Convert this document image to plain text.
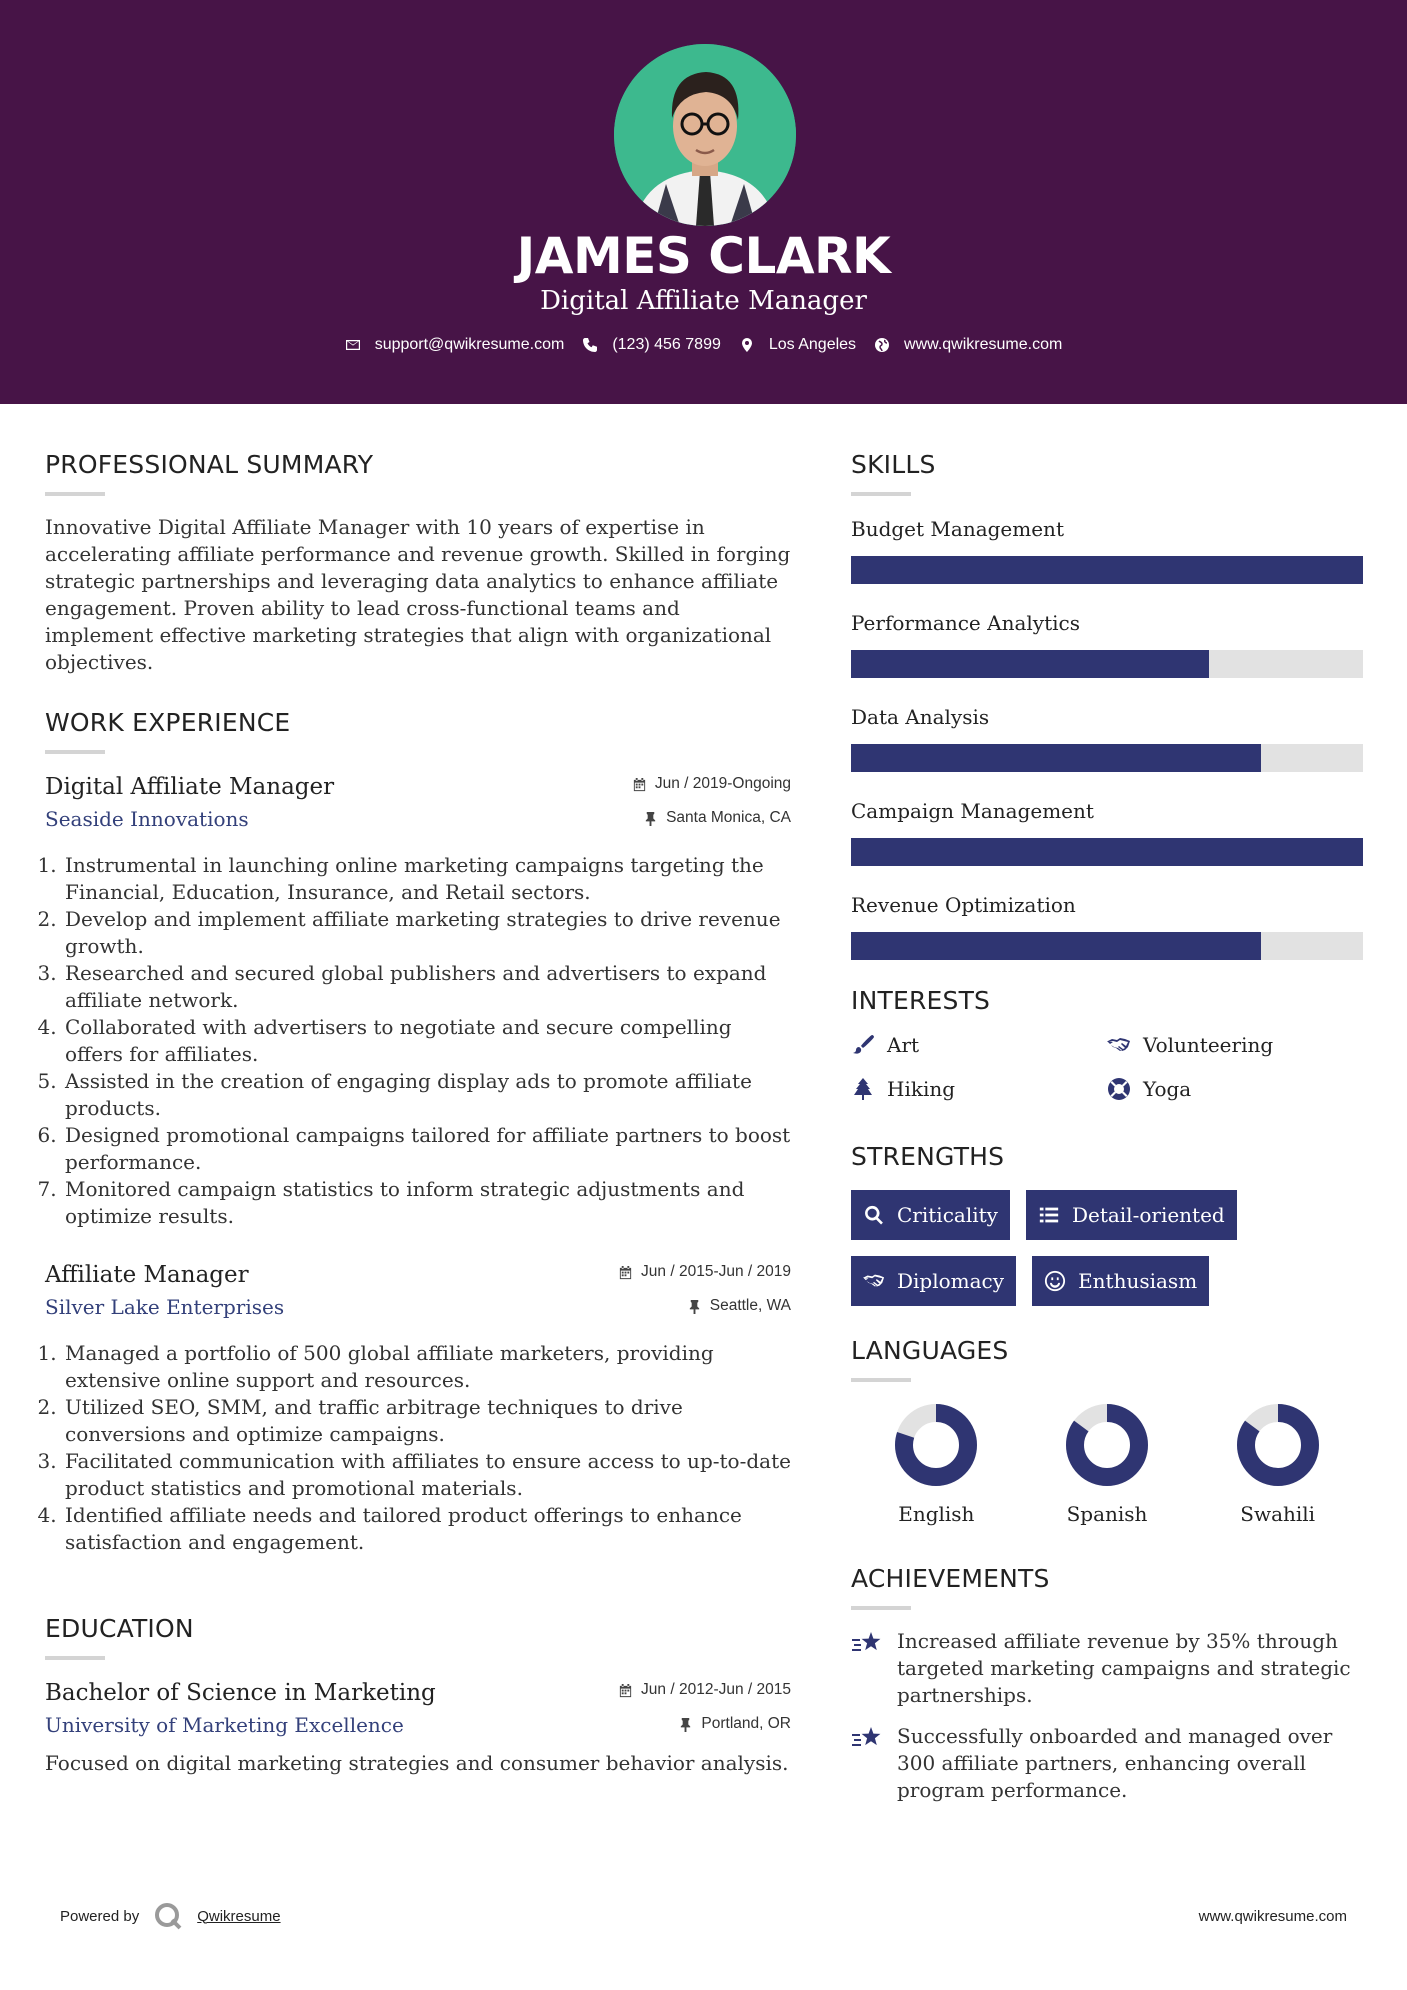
JAMES CLARK
Digital Affiliate Manager
support@qwikresume.com	(123) 456 7899	Los Angeles	www.qwikresume.com
PROFESSIONAL SUMMARY

Innovative Digital Affiliate Manager with 10 years of expertise in accelerating affiliate performance and revenue growth. Skilled in forging strategic partnerships and leveraging data analytics to enhance affiliate engagement. Proven ability to lead cross-functional teams and implement effective marketing strategies that align with organizational objectives.

WORK EXPERIENCE
Digital Affiliate Manager
Seaside Innovations
Jun / 2019-Ongoing
Santa Monica, CA
1. Instrumental in launching online marketing campaigns targeting the Financial, Education, Insurance, and Retail sectors.
2. Develop and implement affiliate marketing strategies to drive revenue growth.
3. Researched and secured global publishers and advertisers to expand affiliate network.
4. Collaborated with advertisers to negotiate and secure compelling offers for affiliates.
5. Assisted in the creation of engaging display ads to promote affiliate products.
6. Designed promotional campaigns tailored for affiliate partners to boost performance.
7. Monitored campaign statistics to inform strategic adjustments and optimize results.
Affiliate Manager
Silver Lake Enterprises
Jun / 2015-Jun / 2019
Seattle, WA
1. Managed a portfolio of 500 global affiliate marketers, providing extensive online support and resources.
2. Utilized SEO, SMM, and traffic arbitrage techniques to drive conversions and optimize campaigns.
3. Facilitated communication with affiliates to ensure access to up-to-date product statistics and promotional materials.
4. Identified affiliate needs and tailored product offerings to enhance satisfaction and engagement.
EDUCATION
Bachelor of Science in Marketing
University of Marketing Excellence
Jun / 2012-Jun / 2015
Portland, OR

Focused on digital marketing strategies and consumer behavior analysis.

SKILLS
Budget Management
Performance Analytics
Data Analysis
Campaign Management
Revenue Optimization
INTERESTS
Art	Volunteering
Hiking	Yoga
STRENGTHS
Criticality	Detail-oriented
Diplomacy	Enthusiasm
LANGUAGES
English	Spanish	Swahili
ACHIEVEMENTS

Increased affiliate revenue by 35% through targeted marketing campaigns and strategic partnerships.

Successfully onboarded and managed over 300 affiliate partners, enhancing overall program performance.

Powered by	Qwikresume	www.qwikresume.com
